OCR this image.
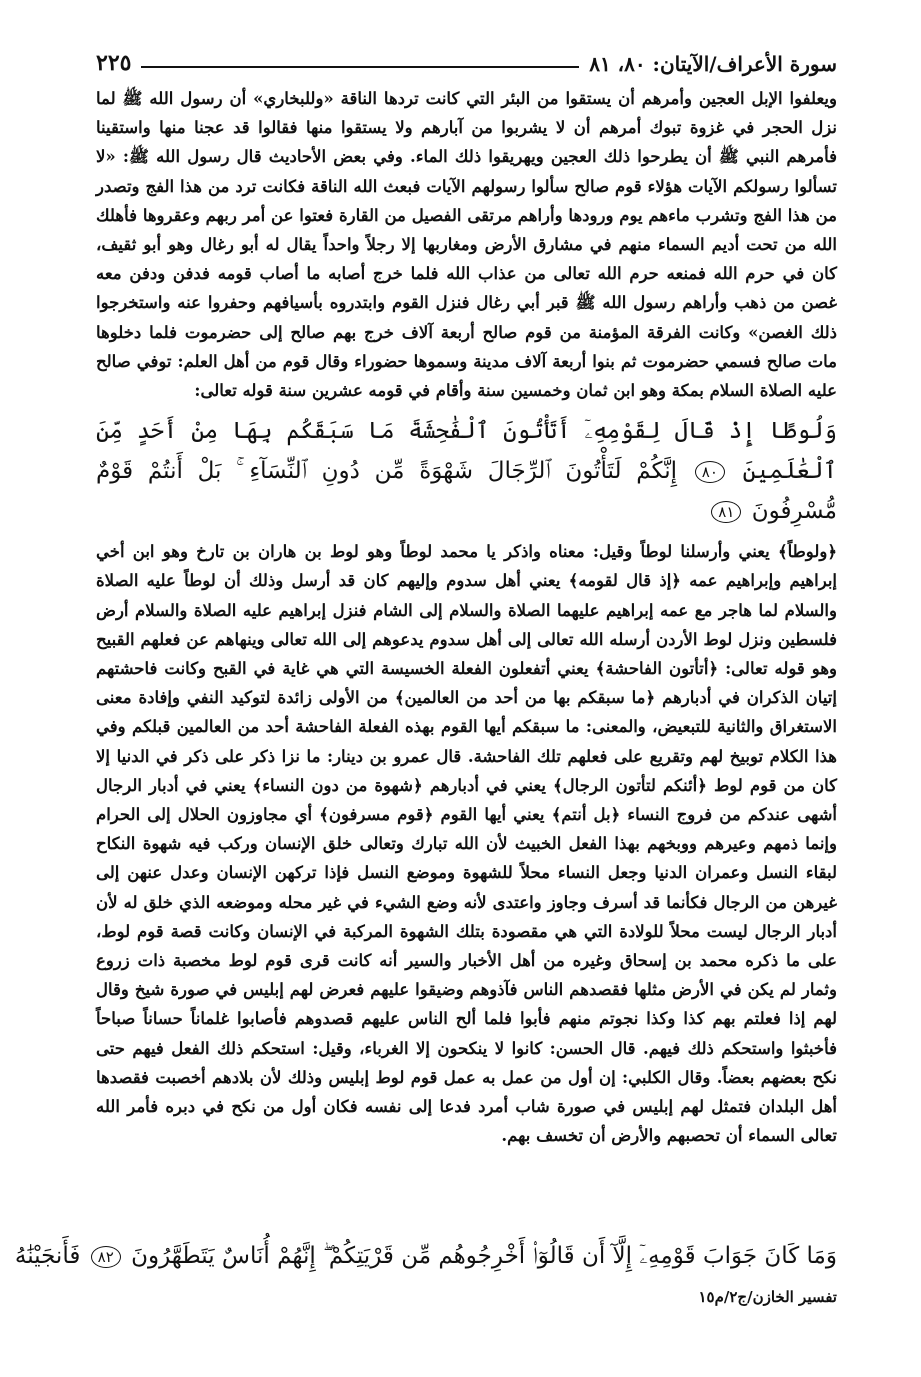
سورة الأعراف/الآيتان: ٨٠، ٨١
٢٢٥

ويعلفوا الإبل العجين وأمرهم أن يستقوا من البئر التي كانت تردها الناقة «وللبخاري» أن رسول الله ﷺ لما نزل الحجر في غزوة تبوك أمرهم أن لا يشربوا من آبارهم ولا يستقوا منها فقالوا قد عجنا منها واستقينا فأمرهم النبي ﷺ أن يطرحوا ذلك العجين ويهريقوا ذلك الماء. وفي بعض الأحاديث قال رسول الله ﷺ: «لا تسألوا رسولكم الآيات هؤلاء قوم صالح سألوا رسولهم الآيات فبعث الله الناقة فكانت ترد من هذا الفج وتصدر من هذا الفج وتشرب ماءهم يوم ورودها وأراهم مرتقى الفصيل من القارة فعتوا عن أمر ربهم وعقروها فأهلك الله من تحت أديم السماء منهم في مشارق الأرض ومغاربها إلا رجلاً واحداً يقال له أبو رغال وهو أبو ثقيف، كان في حرم الله فمنعه حرم الله تعالى من عذاب الله فلما خرج أصابه ما أصاب قومه فدفن ودفن معه غصن من ذهب وأراهم رسول الله ﷺ قبر أبي رغال فنزل القوم وابتدروه بأسيافهم وحفروا عنه واستخرجوا ذلك الغصن» وكانت الفرقة المؤمنة من قوم صالح أربعة آلاف خرج بهم صالح إلى حضرموت فلما دخلوها مات صالح فسمي حضرموت ثم بنوا أربعة آلاف مدينة وسموها حضوراء وقال قوم من أهل العلم: توفي صالح عليه الصلاة السلام بمكة وهو ابن ثمان وخمسين سنة وأقام في قومه عشرين سنة قوله تعالى:

وَلُوطًا إِذْ قَالَ لِقَوْمِهِۦٓ أَتَأْتُونَ ٱلْفَٰحِشَةَ مَا سَبَقَكُم بِهَا مِنْ أَحَدٍ مِّنَ ٱلْعَٰلَمِينَ ٨٠ إِنَّكُمْ لَتَأْتُونَ ٱلرِّجَالَ شَهْوَةً مِّن دُونِ ٱلنِّسَآءِ ۚ بَلْ أَنتُمْ قَوْمٌ مُّسْرِفُونَ ٨١

﴿ولوطاً﴾ يعني وأرسلنا لوطاً وقيل: معناه واذكر يا محمد لوطاً وهو لوط بن هاران بن تارخ وهو ابن أخي إبراهيم وإبراهيم عمه ﴿إذ قال لقومه﴾ يعني أهل سدوم وإليهم كان قد أرسل وذلك أن لوطاً عليه الصلاة والسلام لما هاجر مع عمه إبراهيم عليهما الصلاة والسلام إلى الشام فنزل إبراهيم عليه الصلاة والسلام أرض فلسطين ونزل لوط الأردن أرسله الله تعالى إلى أهل سدوم يدعوهم إلى الله تعالى وينهاهم عن فعلهم القبيح وهو قوله تعالى: ﴿أتأتون الفاحشة﴾ يعني أتفعلون الفعلة الخسيسة التي هي غاية في القبح وكانت فاحشتهم إتيان الذكران في أدبارهم ﴿ما سبقكم بها من أحد من العالمين﴾ من الأولى زائدة لتوكيد النفي وإفادة معنى الاستغراق والثانية للتبعيض، والمعنى: ما سبقكم أيها القوم بهذه الفعلة الفاحشة أحد من العالمين قبلكم وفي هذا الكلام توبيخ لهم وتقريع على فعلهم تلك الفاحشة. قال عمرو بن دينار: ما نزا ذكر على ذكر في الدنيا إلا كان من قوم لوط ﴿أئنكم لتأتون الرجال﴾ يعني في أدبارهم ﴿شهوة من دون النساء﴾ يعني في أدبار الرجال أشهى عندكم من فروج النساء ﴿بل أنتم﴾ يعني أيها القوم ﴿قوم مسرفون﴾ أي مجاوزون الحلال إلى الحرام وإنما ذمهم وعيرهم ووبخهم بهذا الفعل الخبيث لأن الله تبارك وتعالى خلق الإنسان وركب فيه شهوة النكاح لبقاء النسل وعمران الدنيا وجعل النساء محلاً للشهوة وموضع النسل فإذا تركهن الإنسان وعدل عنهن إلى غيرهن من الرجال فكأنما قد أسرف وجاوز واعتدى لأنه وضع الشيء في غير محله وموضعه الذي خلق له لأن أدبار الرجال ليست محلاً للولادة التي هي مقصودة بتلك الشهوة المركبة في الإنسان وكانت قصة قوم لوط، على ما ذكره محمد بن إسحاق وغيره من أهل الأخبار والسير أنه كانت قرى قوم لوط مخصبة ذات زروع وثمار لم يكن في الأرض مثلها فقصدهم الناس فآذوهم وضيقوا عليهم فعرض لهم إبليس في صورة شيخ وقال لهم إذا فعلتم بهم كذا وكذا نجوتم منهم فأبوا فلما ألح الناس عليهم قصدوهم فأصابوا غلماناً حساناً صباحاً فأخبثوا واستحكم ذلك فيهم. قال الحسن: كانوا لا ينكحون إلا الغرباء، وقيل: استحكم ذلك الفعل فيهم حتى نكح بعضهم بعضاً. وقال الكلبي: إن أول من عمل به عمل قوم لوط إبليس وذلك لأن بلادهم أخصبت فقصدها أهل البلدان فتمثل لهم إبليس في صورة شاب أمرد فدعا إلى نفسه فكان أول من نكح في دبره فأمر الله تعالى السماء أن تحصبهم والأرض أن تخسف بهم.

وَمَا كَانَ جَوَابَ قَوْمِهِۦٓ إِلَّآ أَن قَالُوٓا۟ أَخْرِجُوهُم مِّن قَرْيَتِكُمْ ۖ إِنَّهُمْ أُنَاسٌ يَتَطَهَّرُونَ ٨٢ فَأَنجَيْنَٰهُ
تفسير الخازن/ج٢/م١٥
